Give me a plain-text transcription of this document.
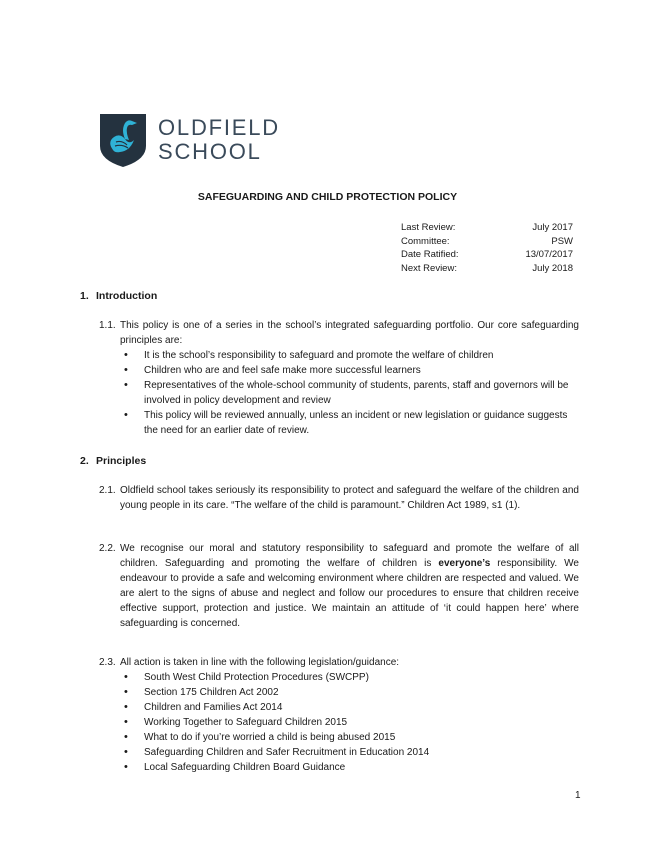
OLDFIELD
SCHOOL
SAFEGUARDING AND CHILD PROTECTION POLICY
Last Review:	July 2017
Committee:	PSW
Date Ratified:	13/07/2017
Next Review:	July 2018
1. Introduction
1.1. This policy is one of a series in the school’s integrated safeguarding portfolio. Our core safeguarding principles are:
• It is the school’s responsibility to safeguard and promote the welfare of children
• Children who are and feel safe make more successful learners
• Representatives of the whole-school community of students, parents, staff and governors will be involved in policy development and review
• This policy will be reviewed annually, unless an incident or new legislation or guidance suggests the need for an earlier date of review.
2. Principles
2.1. Oldfield school takes seriously its responsibility to protect and safeguard the welfare of the children and young people in its care. “The welfare of the child is paramount.” Children Act 1989, s1 (1).
2.2. We recognise our moral and statutory responsibility to safeguard and promote the welfare of all children. Safeguarding and promoting the welfare of children is everyone’s responsibility. We endeavour to provide a safe and welcoming environment where children are respected and valued. We are alert to the signs of abuse and neglect and follow our procedures to ensure that children receive effective support, protection and justice. We maintain an attitude of ‘it could happen here’ where safeguarding is concerned.
2.3. All action is taken in line with the following legislation/guidance:
• South West Child Protection Procedures (SWCPP)
• Section 175 Children Act 2002
• Children and Families Act 2014
• Working Together to Safeguard Children 2015
• What to do if you’re worried a child is being abused 2015
• Safeguarding Children and Safer Recruitment in Education 2014
• Local Safeguarding Children Board Guidance
1
